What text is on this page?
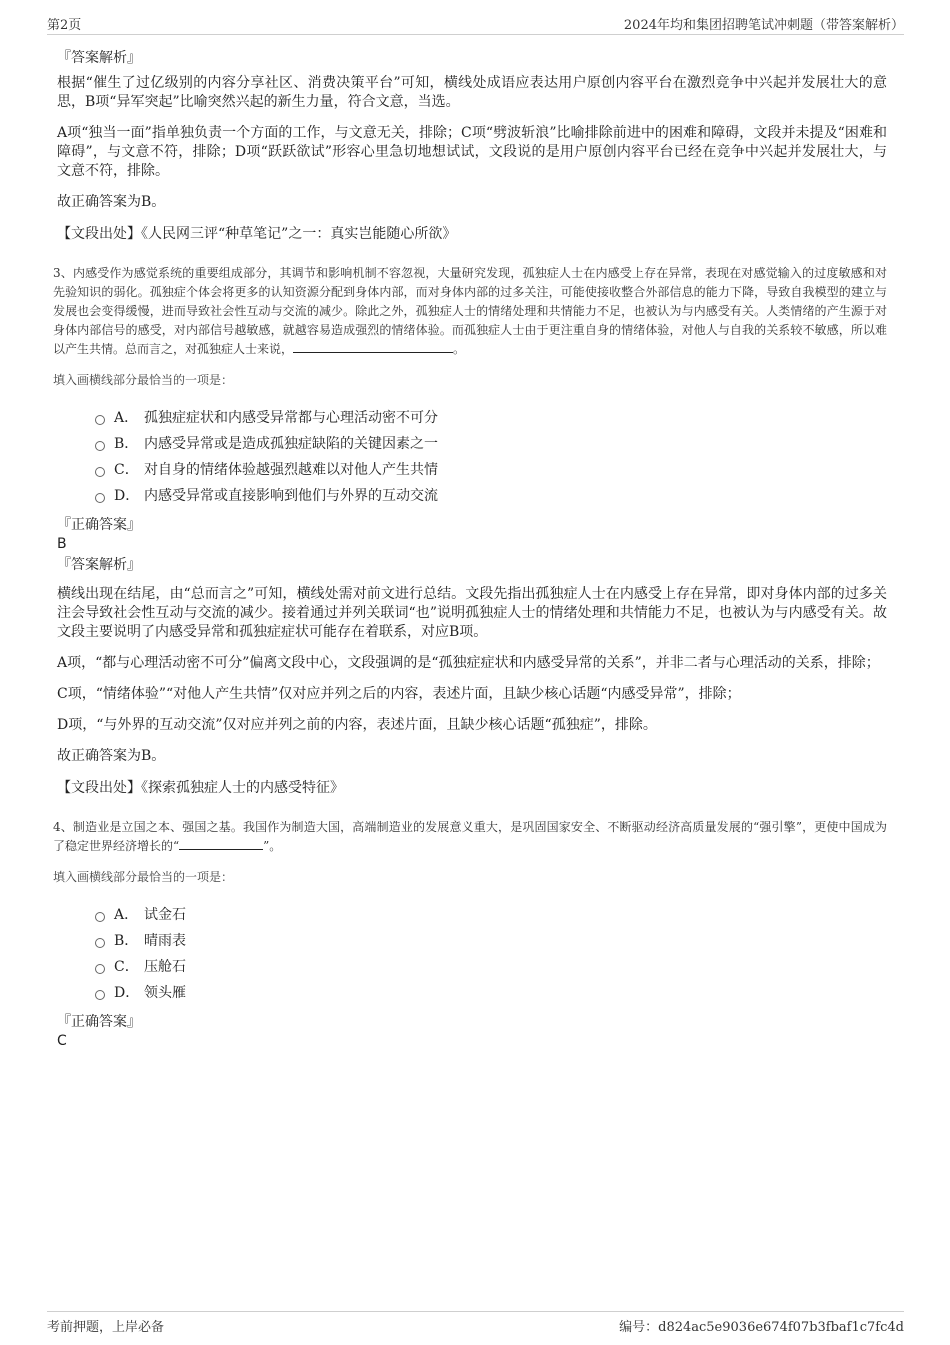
第2页	2024年均和集团招聘笔试冲刺题（带答案解析）
『答案解析』

根据“催生了过亿级别的内容分享社区、消费决策平台”可知，横线处成语应表达用户原创内容平台在激烈竞争中兴起并发展壮大的意思，B项“异军突起”比喻突然兴起的新生力量，符合文意，当选。

A项“独当一面”指单独负责一个方面的工作，与文意无关，排除；C项“劈波斩浪”比喻排除前进中的困难和障碍，文段并未提及“困难和障碍”，与文意不符，排除；D项“跃跃欲试”形容心里急切地想试试，文段说的是用户原创内容平台已经在竞争中兴起并发展壮大，与文意不符，排除。

故正确答案为B。

【文段出处】《人民网三评“种草笔记”之一：真实岂能随心所欲》

3、内感受作为感觉系统的重要组成部分，其调节和影响机制不容忽视，大量研究发现，孤独症人士在内感受上存在异常，表现在对感觉输入的过度敏感和对先验知识的弱化。孤独症个体会将更多的认知资源分配到身体内部，而对身体内部的过多关注，可能使接收整合外部信息的能力下降，导致自我模型的建立与发展也会变得缓慢，进而导致社会性互动与交流的减少。除此之外，孤独症人士的情绪处理和共情能力不足，也被认为与内感受有关。人类情绪的产生源于对身体内部信号的感受，对内部信号越敏感，就越容易造成强烈的情绪体验。而孤独症人士由于更注重自身的情绪体验，对他人与自我的关系较不敏感，所以难以产生共情。总而言之，对孤独症人士来说，	。

填入画横线部分最恰当的一项是：
A． 孤独症症状和内感受异常都与心理活动密不可分
B． 内感受异常或是造成孤独症缺陷的关键因素之一
C． 对自身的情绪体验越强烈越难以对他人产生共情
D． 内感受异常或直接影响到他们与外界的互动交流
『正确答案』
B
『答案解析』

横线出现在结尾，由“总而言之”可知，横线处需对前文进行总结。文段先指出孤独症人士在内感受上存在异常，即对身体内部的过多关注会导致社会性互动与交流的减少。接着通过并列关联词“也”说明孤独症人士的情绪处理和共情能力不足，也被认为与内感受有关。故文段主要说明了内感受异常和孤独症症状可能存在着联系，对应B项。

A项，“都与心理活动密不可分”偏离文段中心，文段强调的是“孤独症症状和内感受异常的关系”，并非二者与心理活动的关系，排除；

C项，“情绪体验”“对他人产生共情”仅对应并列之后的内容，表述片面，且缺少核心话题“内感受异常”，排除；

D项，“与外界的互动交流”仅对应并列之前的内容，表述片面，且缺少核心话题“孤独症”，排除。

故正确答案为B。

【文段出处】《探索孤独症人士的内感受特征》

4、制造业是立国之本、强国之基。我国作为制造大国，高端制造业的发展意义重大，是巩固国家安全、不断驱动经济高质量发展的“强引擎”，更使中国成为了稳定世界经济增长的“	”。

填入画横线部分最恰当的一项是：
A． 试金石
B． 晴雨表
C． 压舱石
D． 领头雁
『正确答案』
C
考前押题，上岸必备	编号：d824ac5e9036e674f07b3fbaf1c7fc4d
